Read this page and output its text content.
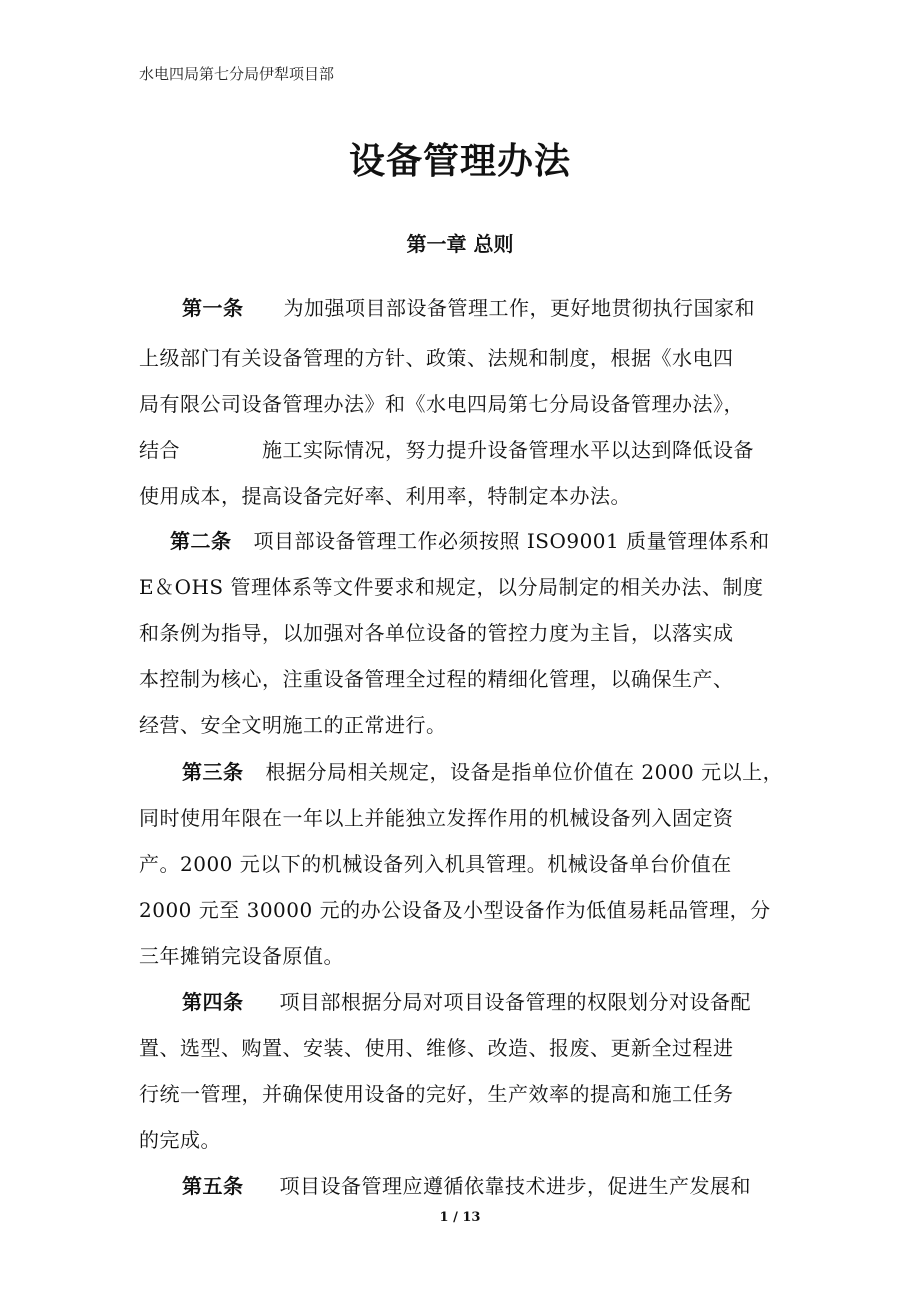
水电四局第七分局伊犁项目部
设备管理办法
第一章 总则
第一条 为加强项目部设备管理工作，更好地贯彻执行国家和
上级部门有关设备管理的方针、政策、法规和制度，根据《水电四
局有限公司设备管理办法》和《水电四局第七分局设备管理办法》，
结合	施工实际情况，努力提升设备管理水平以达到降低设备
使用成本，提高设备完好率、利用率，特制定本办法。
第二条 项目部设备管理工作必须按照 ISO9001 质量管理体系和
E＆OHS 管理体系等文件要求和规定，以分局制定的相关办法、制度
和条例为指导，以加强对各单位设备的管控力度为主旨，以落实成
本控制为核心，注重设备管理全过程的精细化管理，以确保生产、
经营、安全文明施工的正常进行。
第三条 根据分局相关规定，设备是指单位价值在 2000 元以上，
同时使用年限在一年以上并能独立发挥作用的机械设备列入固定资
产。2000 元以下的机械设备列入机具管理。机械设备单台价值在
2000 元至 30000 元的办公设备及小型设备作为低值易耗品管理，分
三年摊销完设备原值。
第四条 项目部根据分局对项目设备管理的权限划分对设备配
置、选型、购置、安装、使用、维修、改造、报废、更新全过程进
行统一管理，并确保使用设备的完好，生产效率的提高和施工任务
的完成。
第五条 项目设备管理应遵循依靠技术进步，促进生产发展和
1 / 13
